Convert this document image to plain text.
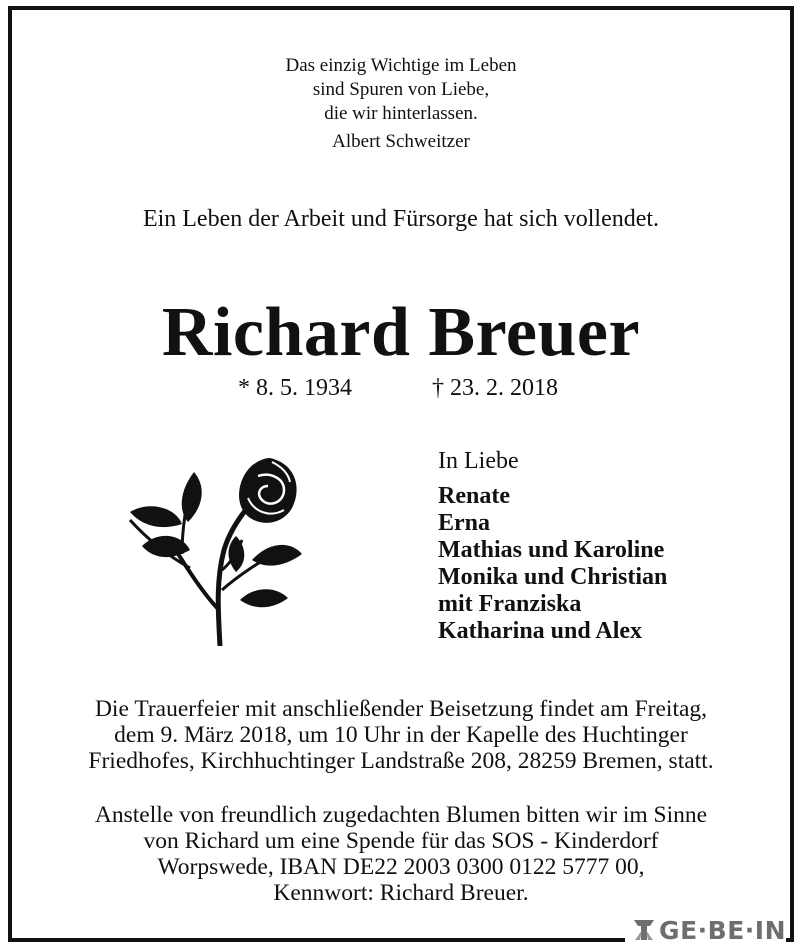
Das einzig Wichtige im Leben
sind Spuren von Liebe,
die wir hinterlassen.
Albert Schweitzer
Ein Leben der Arbeit und Fürsorge hat sich vollendet.
Richard Breuer
* 8. 5. 1934	† 23. 2. 2018
In Liebe
Renate
Erna
Mathias und Karoline
Monika und Christian
mit Franziska
Katharina und Alex
Die Trauerfeier mit anschließender Beisetzung findet am Freitag,
dem 9. März 2018, um 10 Uhr in der Kapelle des Huchtinger
Friedhofes, Kirchhuchtinger Landstraße 208, 28259 Bremen, statt.
Anstelle von freundlich zugedachten Blumen bitten wir im Sinne
von Richard um eine Spende für das SOS - Kinderdorf
Worpswede, IBAN DE22 2003 0300 0122 5777 00,
Kennwort: Richard Breuer.
GE·BE·IN
